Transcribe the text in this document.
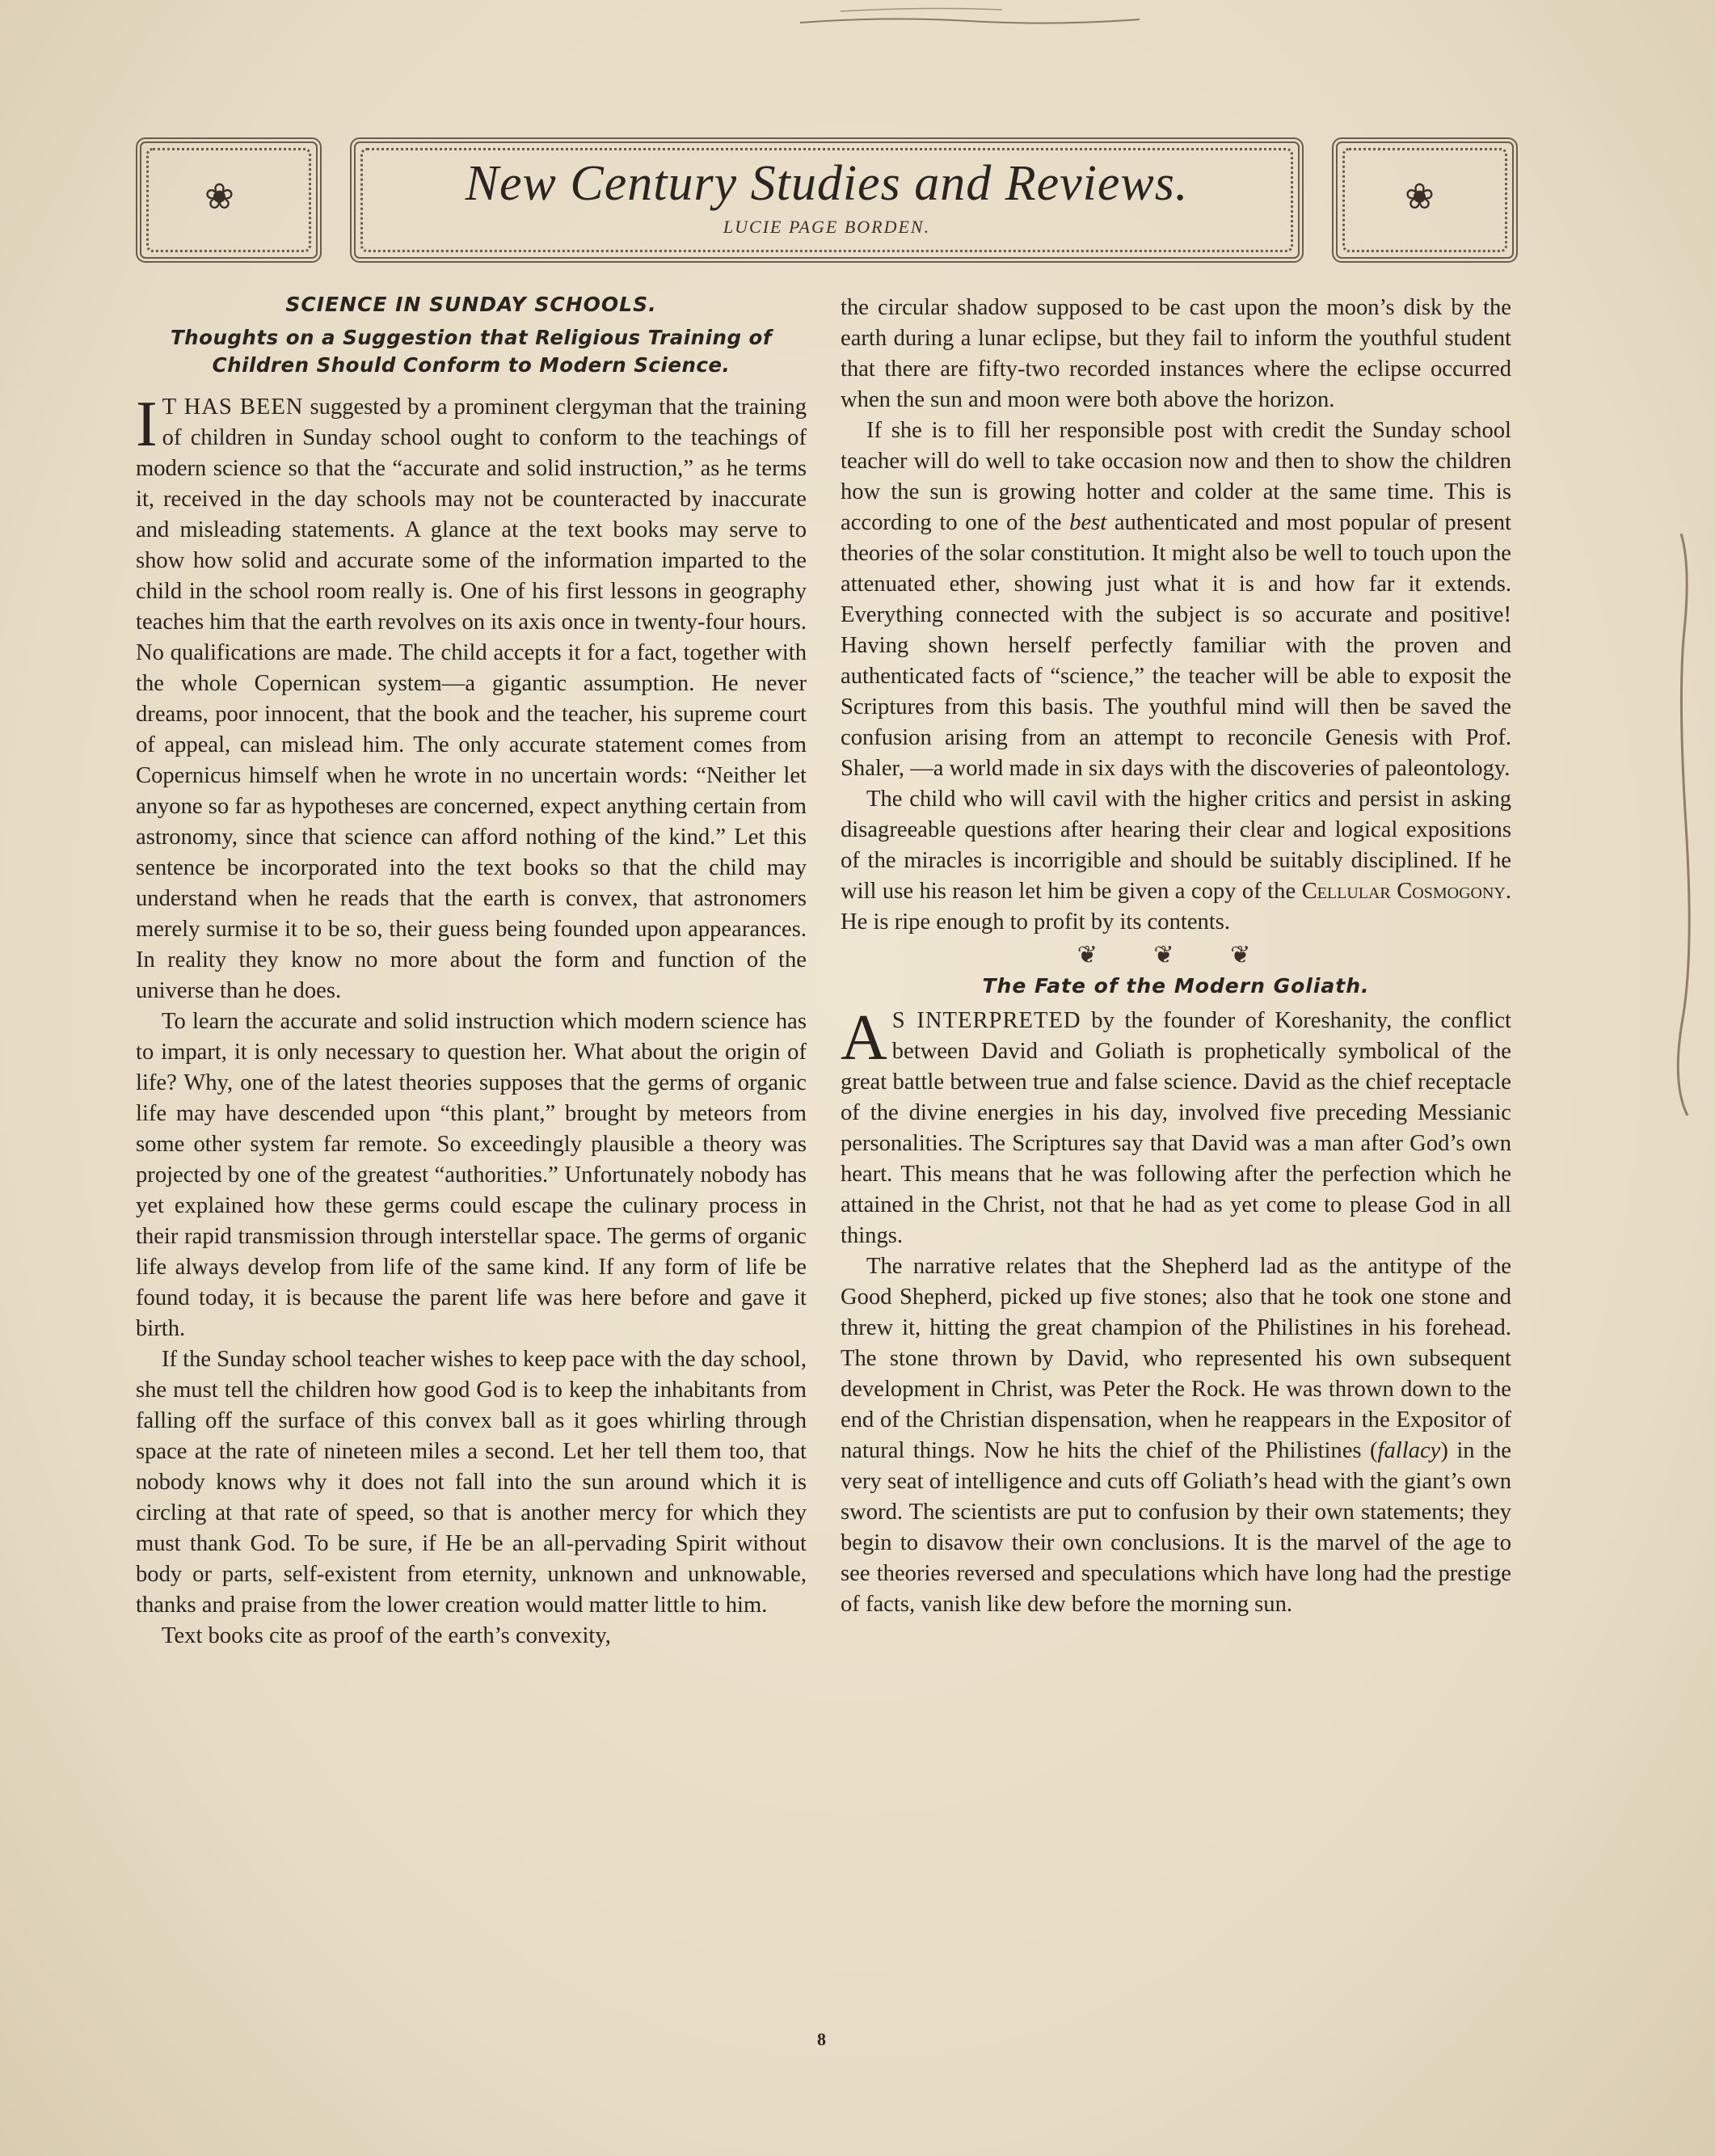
❀	❀
New Century Studies and Reviews.
LUCIE PAGE BORDEN.
SCIENCE IN SUNDAY SCHOOLS.
Thoughts on a Suggestion that Religious Training of Children Should Conform to Modern Science.

I T HAS BEEN suggested by a prominent clergyman that the training of children in Sunday school ought to conform to the teachings of modern science so that the “accurate and solid instruction,” as he terms it, received in the day schools may not be counteracted by inaccurate and misleading statements. A glance at the text books may serve to show how solid and accurate some of the information imparted to the child in the school room really is. One of his first lessons in geography teaches him that the earth revolves on its axis once in twenty-four hours. No qualifications are made. The child accepts it for a fact, together with the whole Copernican system—a gigantic assumption. He never dreams, poor innocent, that the book and the teacher, his supreme court of appeal, can mislead him. The only accurate statement comes from Copernicus himself when he wrote in no uncertain words: “Neither let anyone so far as hypotheses are concerned, expect anything certain from astronomy, since that science can afford nothing of the kind.” Let this sentence be incorporated into the text books so that the child may understand when he reads that the earth is convex, that astronomers merely surmise it to be so, their guess being founded upon appearances. In reality they know no more about the form and function of the universe than he does.

To learn the accurate and solid instruction which modern science has to impart, it is only necessary to question her. What about the origin of life? Why, one of the latest theories supposes that the germs of organic life may have descended upon “this plant,” brought by meteors from some other system far remote. So exceedingly plausible a theory was projected by one of the greatest “authorities.” Unfortunately nobody has yet explained how these germs could escape the culinary process in their rapid transmission through interstellar space. The germs of organic life always develop from life of the same kind. If any form of life be found today, it is because the parent life was here before and gave it birth.

If the Sunday school teacher wishes to keep pace with the day school, she must tell the children how good God is to keep the inhabitants from falling off the surface of this convex ball as it goes whirling through space at the rate of nineteen miles a second. Let her tell them too, that nobody knows why it does not fall into the sun around which it is circling at that rate of speed, so that is another mercy for which they must thank God. To be sure, if He be an all-pervading Spirit without body or parts, self-existent from eternity, unknown and unknowable, thanks and praise from the lower creation would matter little to him.

Text books cite as proof of the earth’s convexity,

the circular shadow supposed to be cast upon the moon’s disk by the earth during a lunar eclipse, but they fail to inform the youthful student that there are fifty-two recorded instances where the eclipse occurred when the sun and moon were both above the horizon.

If she is to fill her responsible post with credit the Sunday school teacher will do well to take occasion now and then to show the children how the sun is growing hotter and colder at the same time. This is according to one of the best authenticated and most popular of present theories of the solar constitution. It might also be well to touch upon the attenuated ether, showing just what it is and how far it extends. Everything connected with the subject is so accurate and positive! Having shown herself perfectly familiar with the proven and authenticated facts of “science,” the teacher will be able to exposit the Scriptures from this basis. The youthful mind will then be saved the confusion arising from an attempt to reconcile Genesis with Prof. Shaler, —a world made in six days with the discoveries of paleontology.

The child who will cavil with the higher critics and persist in asking disagreeable questions after hearing their clear and logical expositions of the miracles is incorrigible and should be suitably disciplined. If he will use his reason let him be given a copy of the Cellular Cosmogony. He is ripe enough to profit by its contents.

❦ ❦ ❦
The Fate of the Modern Goliath.

A S INTERPRETED by the founder of Koreshanity, the conflict between David and Goliath is prophetically symbolical of the great battle between true and false science. David as the chief receptacle of the divine energies in his day, involved five preceding Messianic personalities. The Scriptures say that David was a man after God’s own heart. This means that he was following after the perfection which he attained in the Christ, not that he had as yet come to please God in all things.

The narrative relates that the Shepherd lad as the antitype of the Good Shepherd, picked up five stones; also that he took one stone and threw it, hitting the great champion of the Philistines in his forehead. The stone thrown by David, who represented his own subsequent development in Christ, was Peter the Rock. He was thrown down to the end of the Christian dispensation, when he reappears in the Expositor of natural things. Now he hits the chief of the Philistines (fallacy) in the very seat of intelligence and cuts off Goliath’s head with the giant’s own sword. The scientists are put to confusion by their own statements; they begin to disavow their own conclusions. It is the marvel of the age to see theories reversed and speculations which have long had the prestige of facts, vanish like dew before the morning sun.

8
